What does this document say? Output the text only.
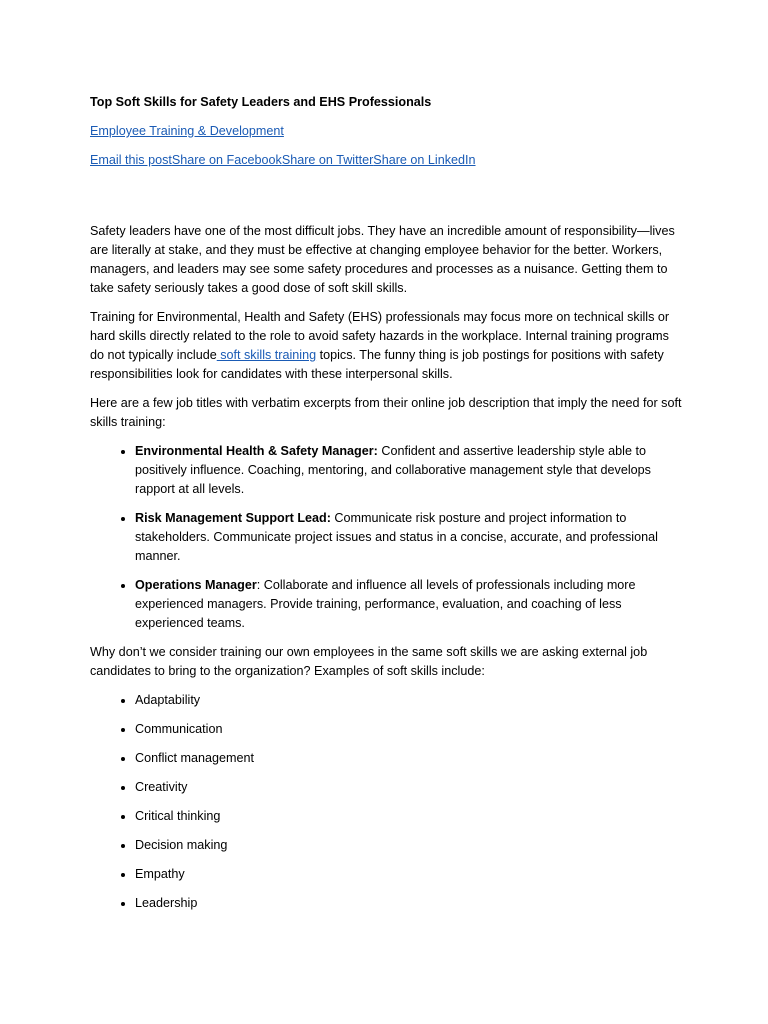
Top Soft Skills for Safety Leaders and EHS Professionals
Employee Training & Development
Email this postShare on FacebookShare on TwitterShare on LinkedIn

Safety leaders have one of the most difficult jobs. They have an incredible amount of responsibility—lives are literally at stake, and they must be effective at changing employee behavior for the better. Workers, managers, and leaders may see some safety procedures and processes as a nuisance. Getting them to take safety seriously takes a good dose of soft skill skills.

Training for Environmental, Health and Safety (EHS) professionals may focus more on technical skills or hard skills directly related to the role to avoid safety hazards in the workplace. Internal training programs do not typically include soft skills training topics. The funny thing is job postings for positions with safety responsibilities look for candidates with these interpersonal skills.

Here are a few job titles with verbatim excerpts from their online job description that imply the need for soft skills training:

• Environmental Health & Safety Manager: Confident and assertive leadership style able to positively influence. Coaching, mentoring, and collaborative management style that develops rapport at all levels.
• Risk Management Support Lead: Communicate risk posture and project information to stakeholders. Communicate project issues and status in a concise, accurate, and professional manner.
• Operations Manager: Collaborate and influence all levels of professionals including more experienced managers. Provide training, performance, evaluation, and coaching of less experienced teams.

Why don’t we consider training our own employees in the same soft skills we are asking external job candidates to bring to the organization? Examples of soft skills include:

• Adaptability
• Communication
• Conflict management
• Creativity
• Critical thinking
• Decision making
• Empathy
• Leadership
